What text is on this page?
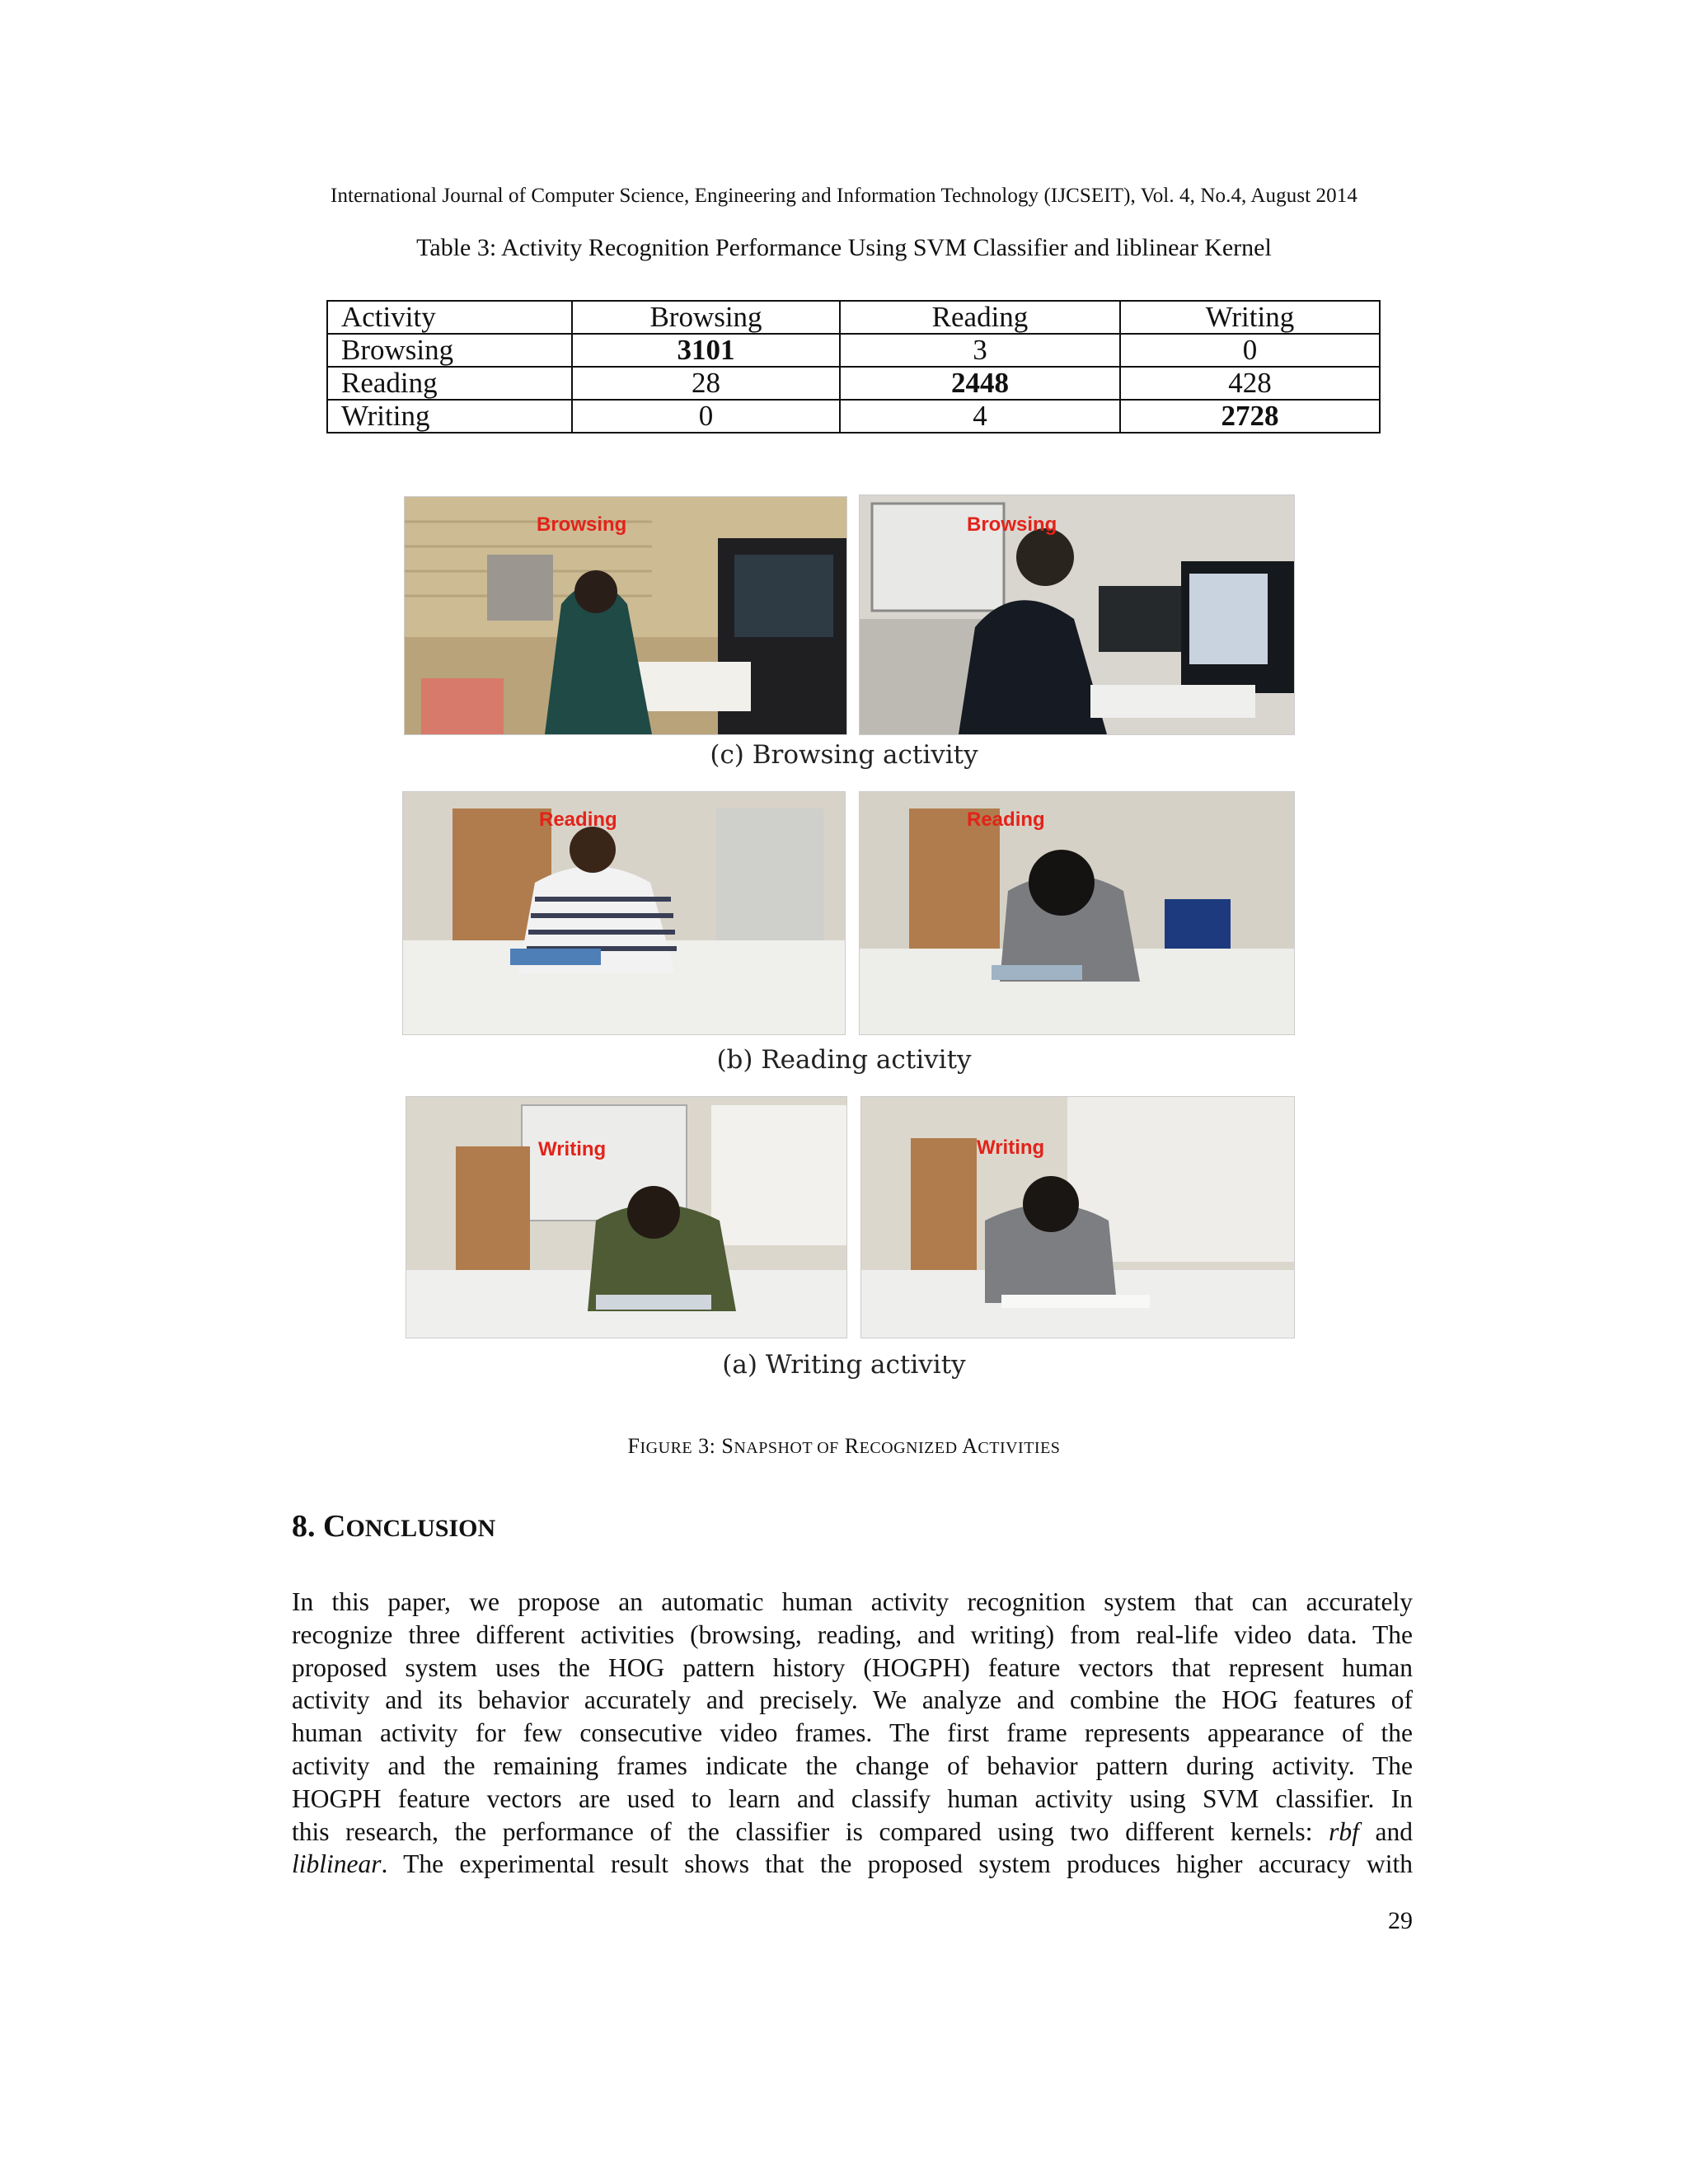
International Journal of Computer Science, Engineering and Information Technology (IJCSEIT), Vol. 4, No.4, August 2014
Table 3: Activity Recognition Performance Using SVM Classifier and liblinear Kernel
Activity	Browsing	Reading	Writing
Browsing	3101	3	0
Reading	28	2448	428
Writing	0	4	2728
Browsing	Browsing
(c) Browsing activity
Reading	Reading
(b) Reading activity
Writing	Writing
(a) Writing activity
FIGURE 3: SNAPSHOT OF RECOGNIZED ACTIVITIES
8. CONCLUSION
In this paper, we propose an automatic human activity recognition system that can accurately
recognize three different activities (browsing, reading, and writing) from real-life video data. The
proposed system uses the HOG pattern history (HOGPH) feature vectors that represent human
activity and its behavior accurately and precisely. We analyze and combine the HOG features of
human activity for few consecutive video frames. The first frame represents appearance of the
activity and the remaining frames indicate the change of behavior pattern during activity. The
HOGPH feature vectors are used to learn and classify human activity using SVM classifier. In
this research, the performance of the classifier is compared using two different kernels: rbf and
liblinear. The experimental result shows that the proposed system produces higher accuracy with
29
